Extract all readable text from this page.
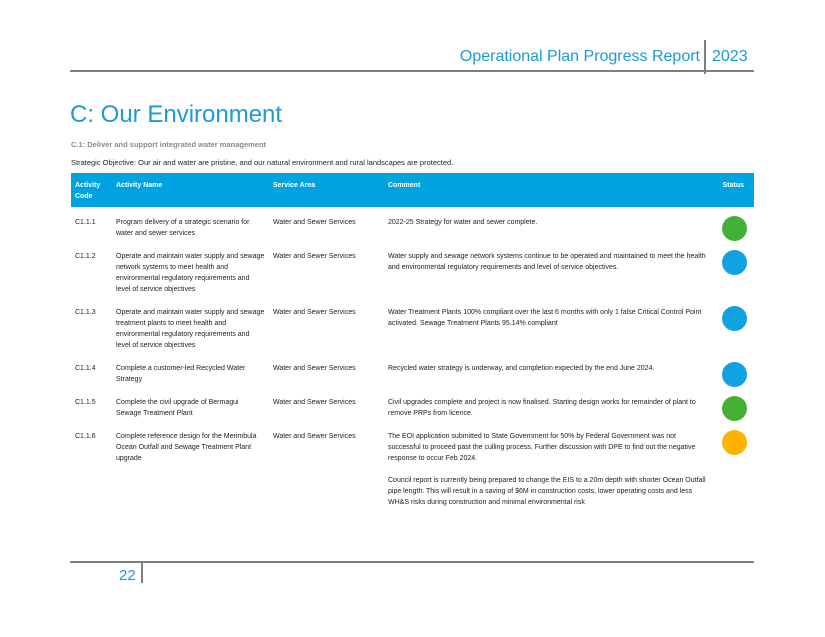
Operational Plan Progress Report 2023
C: Our Environment
C.1: Deliver and support integrated water management
Strategic Objective: Our air and water are pristine, and our natural environment and rural landscapes are protected.
Activity Code	Activity Name	Service Area	Comment	Status
C1.1.1	Program delivery of a strategic scenario for water and sewer services	Water and Sewer Services	2022-25 Strategy for water and sewer complete.	

C1.1.2	Operate and maintain water supply and sewage network systems to meet health and environmental regulatory requirements and level of service objectives	Water and Sewer Services	Water supply and sewage network systems continue to be operated and maintained to meet the health and environmental regulatory requirements and level of service objectives.	

C1.1.3	Operate and maintain water supply and sewage treatment plants to meet health and environmental regulatory requirements and level of service objectives	Water and Sewer Services	Water Treatment Plants 100% compliant over the last 6 months with only 1 false Critical Control Point activated. Sewage Treatment Plants 95.14% compliant	

C1.1.4	Complete a customer-led Recycled Water Strategy	Water and Sewer Services	Recycled water strategy is underway, and completion expected by the end June 2024.	

C1.1.5	Complete the civil upgrade of Bermagui Sewage Treatment Plant	Water and Sewer Services	Civil upgrades complete and project is now finalised. Starting design works for remainder of plant to remove PRPs from licence.	

C1.1.6	Complete reference design for the Merimbula Ocean Outfall and Sewage Treatment Plant upgrade	Water and Sewer Services	The EOI application submitted to State Government for 50% by Federal Government was not successful to proceed past the culling process. Further discussion with DPE to find out the negative response to occur Feb 2024.

Council report is currently being prepared to change the EIS to a 20m depth with shorter Ocean Outfall pipe length. This will result in a saving of $6M in construction costs, lower operating costs and less WH&S risks during construction and minimal environmental risk	

22
